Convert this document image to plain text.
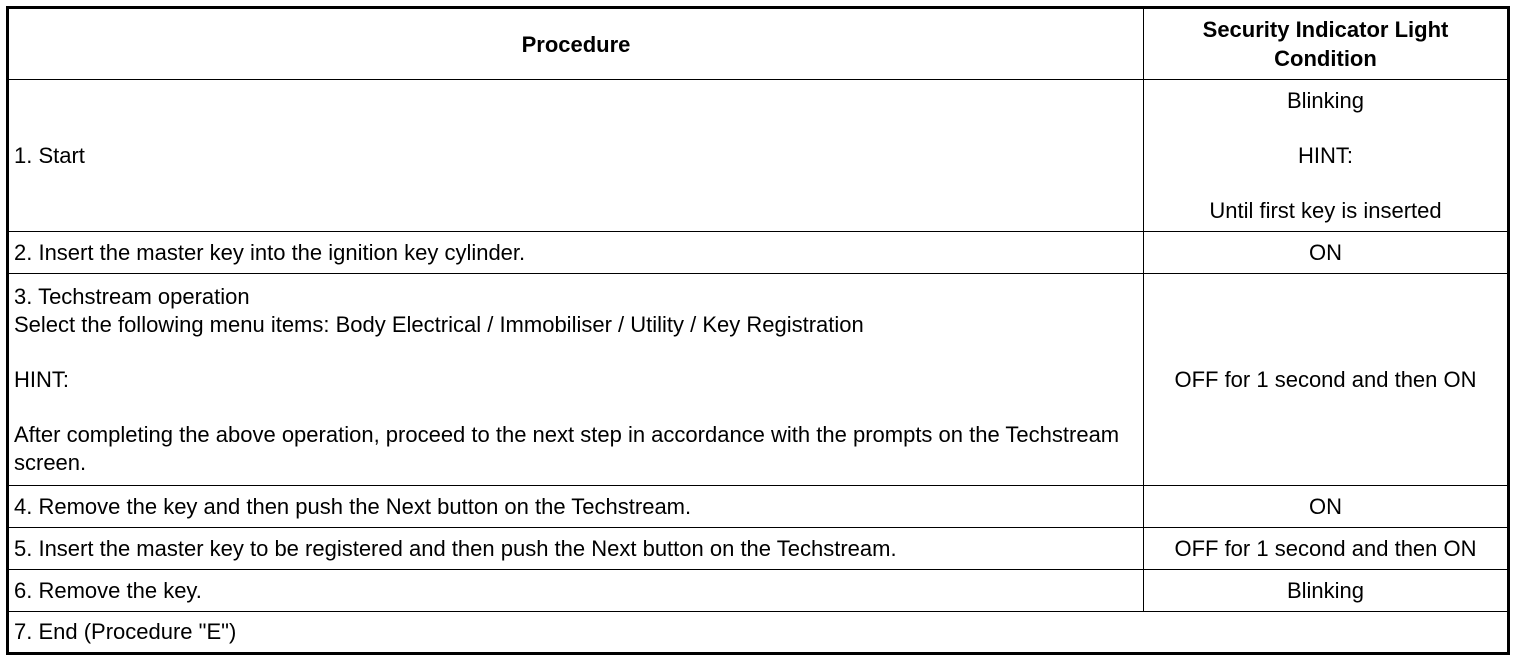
Procedure	Security Indicator Light Condition
1. Start	Blinking
HINT:
Until first key is inserted

2. Insert the master key into the ignition key cylinder.	ON

3. Techstream operation
Select the following menu items: Body Electrical / Immobiliser / Utility / Key Registration
HINT:
After completing the above operation, proceed to the next step in accordance with the prompts on the Techstream screen.	OFF for 1 second and then ON
4. Remove the key and then push the Next button on the Techstream.	ON
5. Insert the master key to be registered and then push the Next button on the Techstream.	OFF for 1 second and then ON
6. Remove the key.	Blinking
7. End (Procedure "E")	
